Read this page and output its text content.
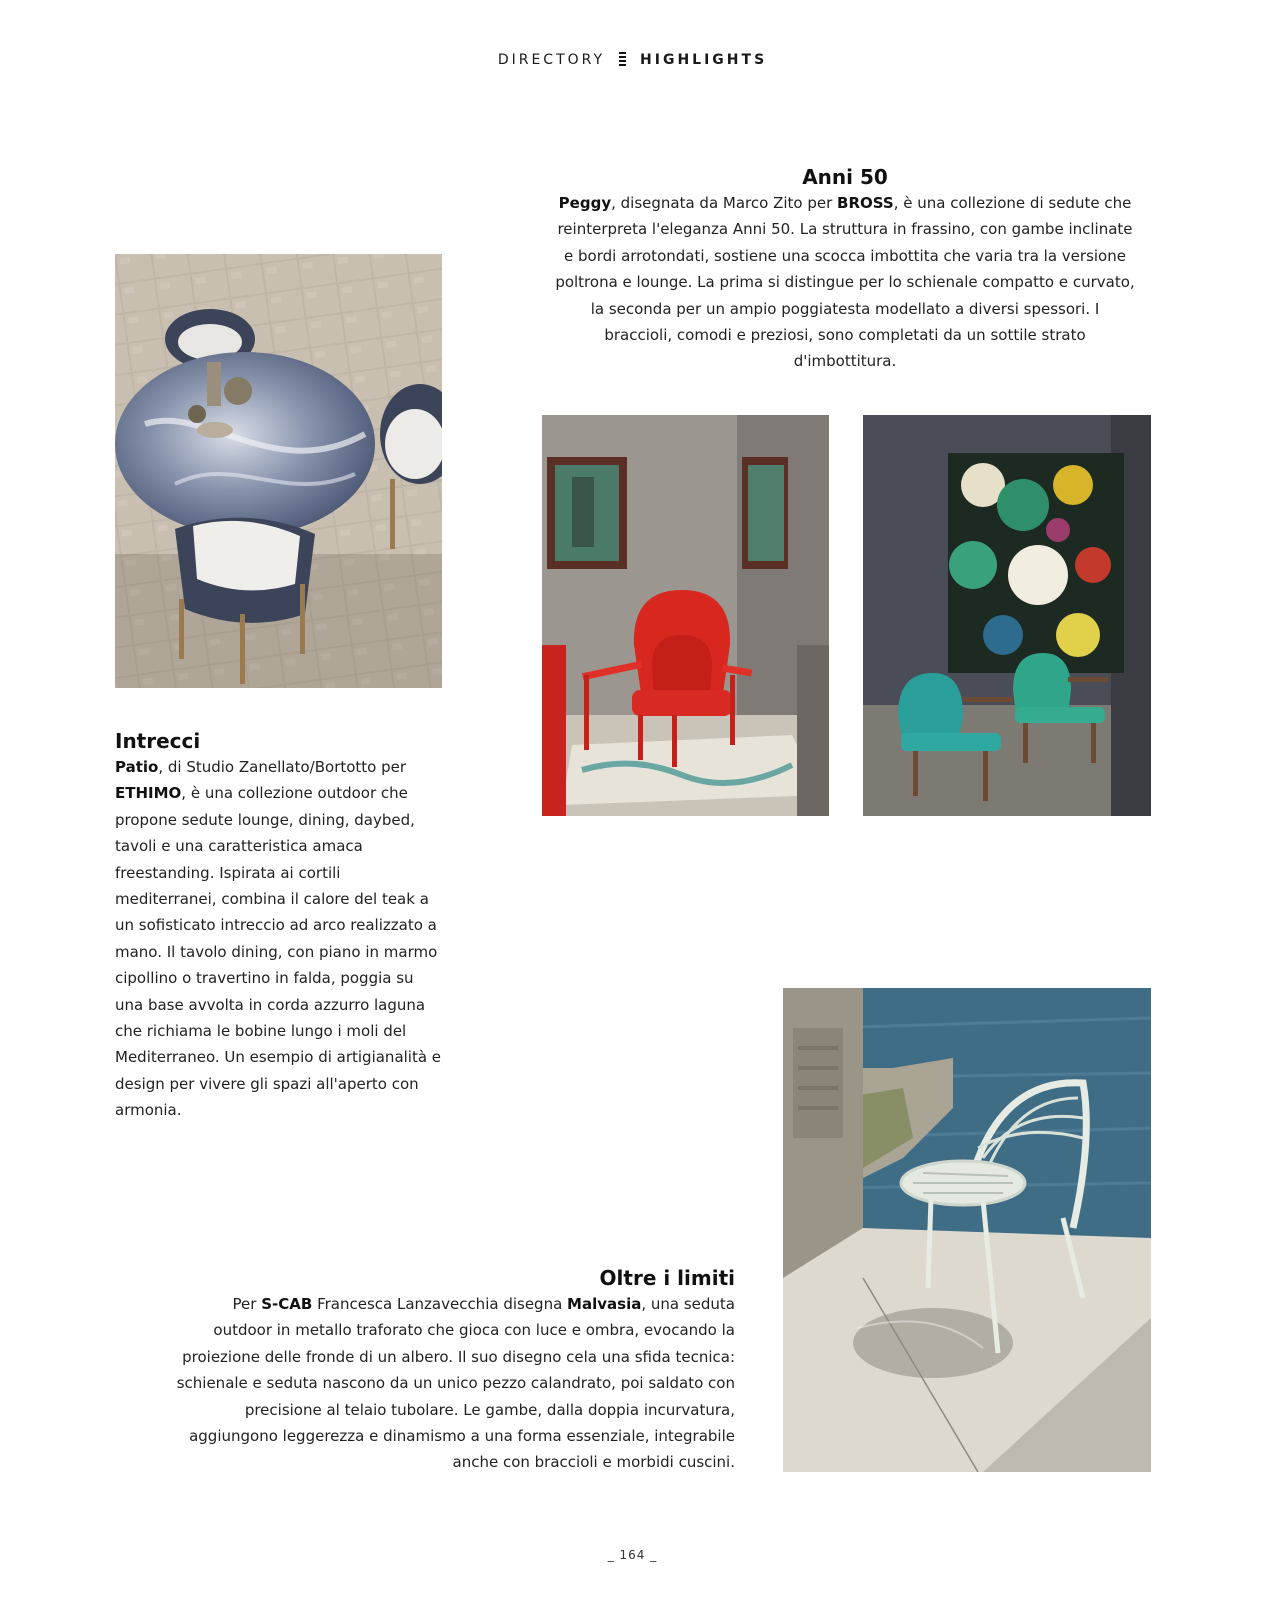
DIRECTORY	HIGHLIGHTS
Anni 50
Peggy, disegnata da Marco Zito per BROSS, è una collezione di sedute che reinterpreta l'eleganza Anni 50. La struttura in frassino, con gambe inclinate e bordi arrotondati, sostiene una scocca imbottita che varia tra la versione poltrona e lounge. La prima si distingue per lo schienale compatto e curvato, la seconda per un ampio poggiatesta modellato a diversi spessori. I braccioli, comodi e preziosi, sono completati da un sottile strato d'imbottitura.
Intrecci
Patio, di Studio Zanellato/Bortotto per ETHIMO, è una collezione outdoor che propone sedute lounge, dining, daybed, tavoli e una caratteristica amaca freestanding. Ispirata ai cortili mediterranei, combina il calore del teak a un sofisticato intreccio ad arco realizzato a mano. Il tavolo dining, con piano in marmo cipollino o travertino in falda, poggia su una base avvolta in corda azzurro laguna che richiama le bobine lungo i moli del Mediterraneo. Un esempio di artigianalità e design per vivere gli spazi all'aperto con armonia.
Oltre i limiti
Per S-CAB Francesca Lanzavecchia disegna Malvasia, una seduta outdoor in metallo traforato che gioca con luce e ombra, evocando la proiezione delle fronde di un albero. Il suo disegno cela una sfida tecnica: schienale e seduta nascono da un unico pezzo calandrato, poi saldato con precisione al telaio tubolare. Le gambe, dalla doppia incurvatura, aggiungono leggerezza e dinamismo a una forma essenziale, integrabile anche con braccioli e morbidi cuscini.
_ 164 _
